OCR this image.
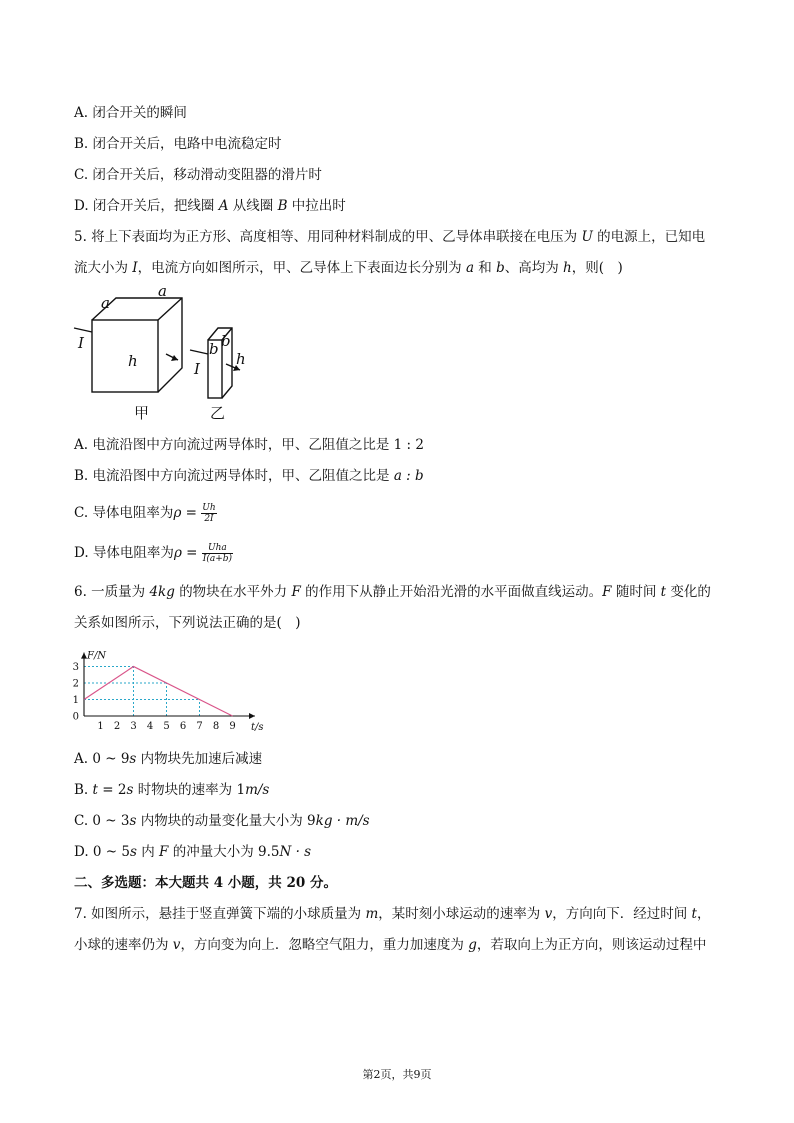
A. 闭合开关的瞬间
B. 闭合开关后，电路中电流稳定时
C. 闭合开关后，移动滑动变阻器的滑片时
D. 闭合开关后，把线圈 A 从线圈 B 中拉出时
5. 将上下表面均为正方形、高度相等、用同种材料制成的甲、乙导体串联接在电压为 U 的电源上，已知电
流大小为 I，电流方向如图所示，甲、乙导体上下表面边长分别为 a 和 b、高均为 h，则(　)
a
a
I
h
b b
I
h
甲	乙
A. 电流沿图中方向流过两导体时，甲、乙阻值之比是 1 : 2
B. 电流沿图中方向流过两导体时，甲、乙阻值之比是 a : b
C. 导体电阻率为$\rho = \frac{Uh}{2I}$
D. 导体电阻率为$\rho = \frac{\text{Uha}}{I(a+b)}$
6. 一质量为 4kg 的物块在水平外力 F 的作用下从静止开始沿光滑的水平面做直线运动。F 随时间 t 变化的
关系如图所示，下列说法正确的是(　)
1 2 3 4 5 6 7 8 9
0
1
2
3
F/N
t/s
A. 0 ~ 9s 内物块先加速后减速
B. t = 2s 时物块的速率为 1m/s
C. 0 ~ 3s 内物块的动量变化量大小为 9kg · m/s
D. 0 ~ 5s 内 F 的冲量大小为 9.5N · s
二、多选题：本大题共 4 小题，共 20 分。
7. 如图所示，悬挂于竖直弹簧下端的小球质量为 m，某时刻小球运动的速率为 v，方向向下．经过时间 t，
小球的速率仍为 v，方向变为向上．忽略空气阻力，重力加速度为 g，若取向上为正方向，则该运动过程中
第2页，共9页
